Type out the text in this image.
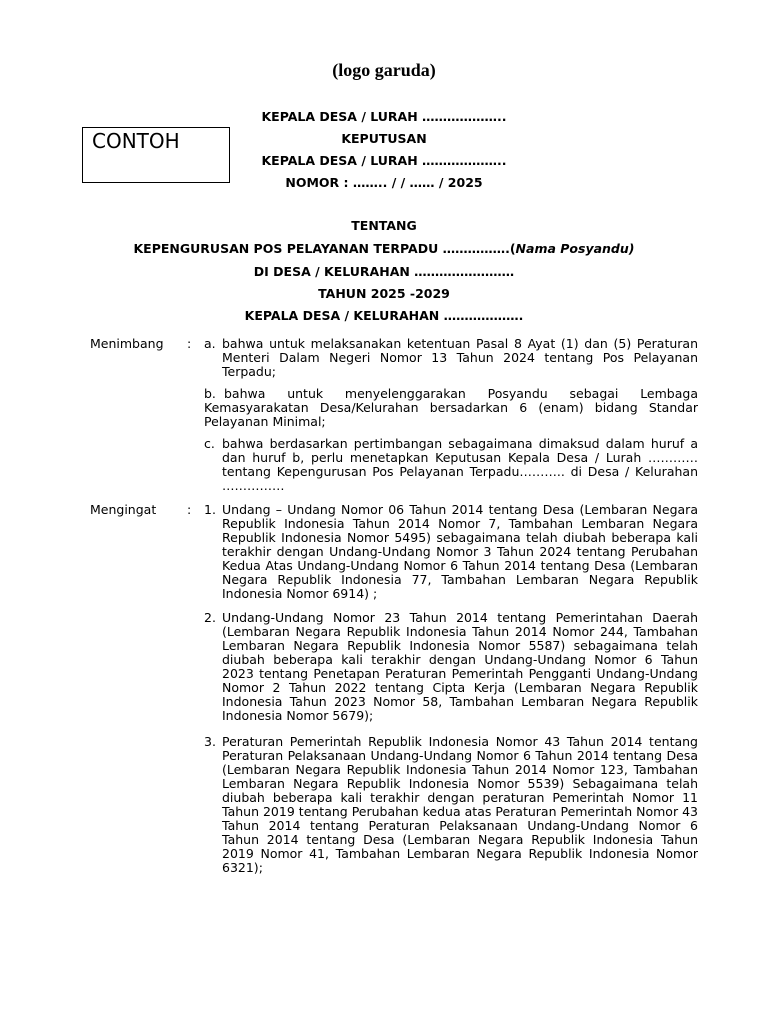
(logo garuda)
CONTOH
KEPALA DESA / LURAH ………………..
KEPUTUSAN
KEPALA DESA / LURAH ………………..
NOMOR : …….. / / …… / 2025
TENTANG
KEPENGURUSAN POS PELAYANAN TERPADU …………….(Nama Posyandu)
DI DESA / KELURAHAN ……………………
TAHUN 2025 -2029
KEPALA DESA / KELURAHAN ……………….
Menimbang : a. bahwa untuk melaksanakan ketentuan Pasal 8 Ayat (1) dan (5) Peraturan Menteri Dalam Negeri Nomor 13 Tahun 2024 tentang Pos Pelayanan Terpadu;

b. bahwa untuk menyelenggarakan Posyandu sebagai Lembaga Kemasyarakatan Desa/Kelurahan bersadarkan 6 (enam) bidang Standar Pelayanan Minimal;

c. bahwa berdasarkan pertimbangan sebagaimana dimaksud dalam huruf a dan huruf b, perlu menetapkan Keputusan Kepala Desa / Lurah ………… tentang Kepengurusan Pos Pelayanan Terpadu……….. di Desa / Kelurahan ……………

Mengingat : 1. Undang – Undang Nomor 06 Tahun 2014 tentang Desa (Lembaran Negara Republik Indonesia Tahun 2014 Nomor 7, Tambahan Lembaran Negara Republik Indonesia Nomor 5495) sebagaimana telah diubah beberapa kali terakhir dengan Undang-Undang Nomor 3 Tahun 2024 tentang Perubahan Kedua Atas Undang-Undang Nomor 6 Tahun 2014 tentang Desa (Lembaran Negara Republik Indonesia 77, Tambahan Lembaran Negara Republik Indonesia Nomor 6914) ;

2. Undang-Undang Nomor 23 Tahun 2014 tentang Pemerintahan Daerah (Lembaran Negara Republik Indonesia Tahun 2014 Nomor 244, Tambahan Lembaran Negara Republik Indonesia Nomor 5587) sebagaimana telah diubah beberapa kali terakhir dengan Undang-Undang Nomor 6 Tahun 2023 tentang Penetapan Peraturan Pemerintah Pengganti Undang-Undang Nomor 2 Tahun 2022 tentang Cipta Kerja (Lembaran Negara Republik Indonesia Tahun 2023 Nomor 58, Tambahan Lembaran Negara Republik Indonesia Nomor 5679);

3. Peraturan Pemerintah Republik Indonesia Nomor 43 Tahun 2014 tentang Peraturan Pelaksanaan Undang-Undang Nomor 6 Tahun 2014 tentang Desa (Lembaran Negara Republik Indonesia Tahun 2014 Nomor 123, Tambahan Lembaran Negara Republik Indonesia Nomor 5539) Sebagaimana telah diubah beberapa kali terakhir dengan peraturan Pemerintah Nomor 11 Tahun 2019 tentang Perubahan kedua atas Peraturan Pemerintah Nomor 43 Tahun 2014 tentang Peraturan Pelaksanaan Undang-Undang Nomor 6 Tahun 2014 tentang Desa (Lembaran Negara Republik Indonesia Tahun 2019 Nomor 41, Tambahan Lembaran Negara Republik Indonesia Nomor 6321);
